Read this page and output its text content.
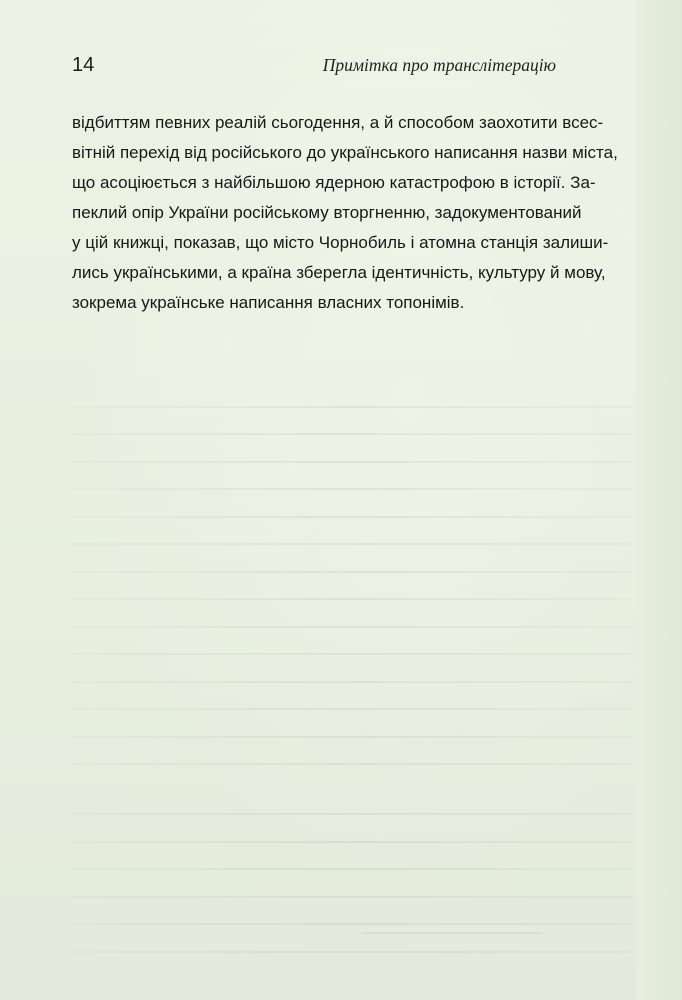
14	Примітка про транслітерацію
відбиттям певних реалій сьогодення, а й способом заохотити всес-
вітній перехід від російського до українського написання назви міста,
що асоціюється з найбільшою ядерною катастрофою в історії. За-
пеклий опір України російському вторгненню, задокументований
у цій книжці, показав, що місто Чорнобиль і атомна станція залиши-
лись українськими, а країна зберегла ідентичність, культуру й мову,
зокрема українське написання власних топонімів.
